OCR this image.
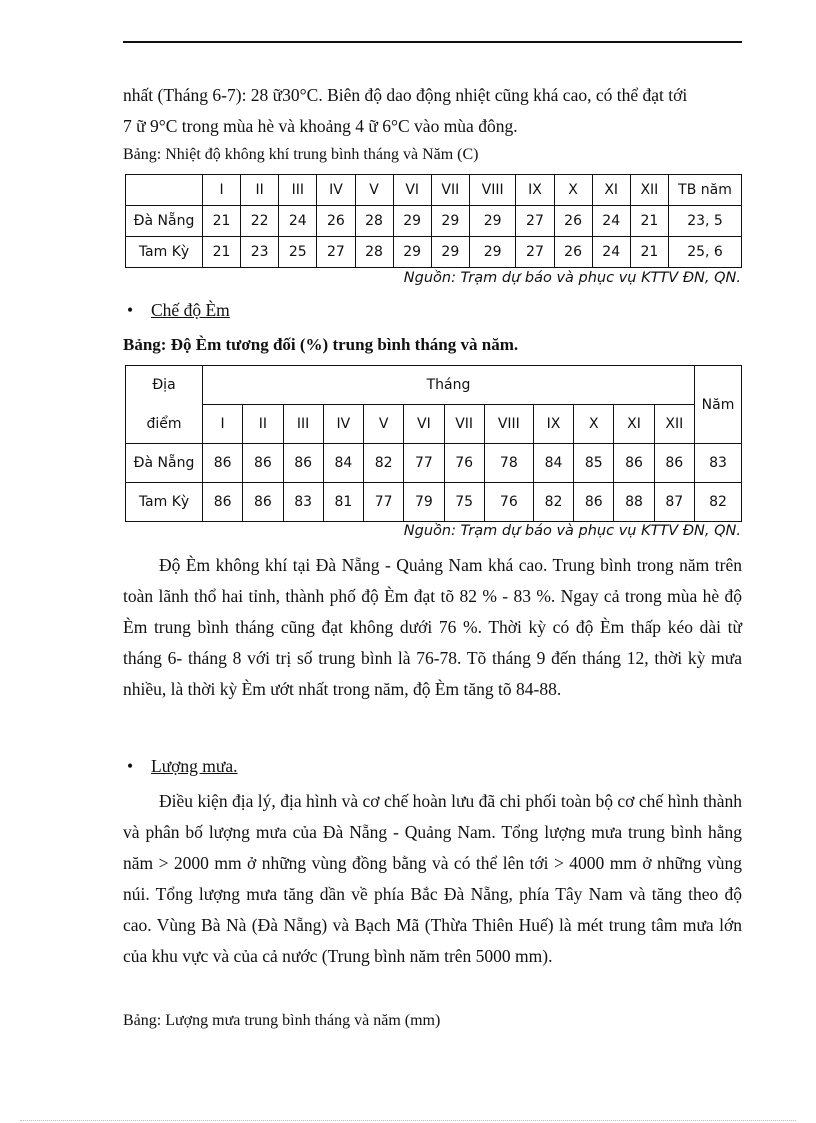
nhất (Tháng 6-7): 28 ữ30°C. Biên độ dao động nhiệt cũng khá cao, có thể đạt tới

7 ữ 9°C trong mùa hè và khoảng 4 ữ 6°C vào mùa đông.

Bảng: Nhiệt độ không khí trung bình tháng và Năm (C)

	I	II	III	IV	V	VI	VII	VIII	IX	X	XI	XII	TB năm
Đà Nẵng	21	22	24	26	28	29	29	29	27	26	24	21	23, 5
Tam Kỳ	21	23	25	27	28	29	29	29	27	26	24	21	25, 6

Nguồn: Trạm dự báo và phục vụ KTTV ĐN, QN.

• Chế độ Èm

Bảng: Độ Èm tương đối (%) trung bình tháng và năm.

Địa	Tháng												Năm
điểm	I	II	III	IV	V	VI	VII	VIII	IX	X	XI	XII	
Đà Nẵng	86	86	86	84	82	77	76	78	84	85	86	86	83
Tam Kỳ	86	86	83	81	77	79	75	76	82	86	88	87	82

Nguồn: Trạm dự báo và phục vụ KTTV ĐN, QN.

Độ Èm không khí tại Đà Nẵng - Quảng Nam khá cao. Trung bình trong năm trên toàn lãnh thổ hai tỉnh, thành phố độ Èm đạt tõ 82 % - 83 %. Ngay cả trong mùa hè độ Èm trung bình tháng cũng đạt không dưới 76 %. Thời kỳ có độ Èm thấp kéo dài từ tháng 6- tháng 8 với trị số trung bình là 76-78. Tõ tháng 9 đến tháng 12, thời kỳ mưa nhiều, là thời kỳ Èm ướt nhất trong năm, độ Èm tăng tõ 84-88.

• Lượng mưa.

Điều kiện địa lý, địa hình và cơ chế hoàn lưu đã chi phối toàn bộ cơ chế hình thành và phân bố lượng mưa của Đà Nẵng - Quảng Nam. Tổng lượng mưa trung bình hằng năm > 2000 mm ở những vùng đồng bằng và có thể lên tới > 4000 mm ở những vùng núi. Tổng lượng mưa tăng dần về phía Bắc Đà Nẵng, phía Tây Nam và tăng theo độ cao. Vùng Bà Nà (Đà Nẵng) và Bạch Mã (Thừa Thiên Huế) là mét trung tâm mưa lớn của khu vực và của cả nước (Trung bình năm trên 5000 mm).

Bảng: Lượng mưa trung bình tháng và năm (mm)
